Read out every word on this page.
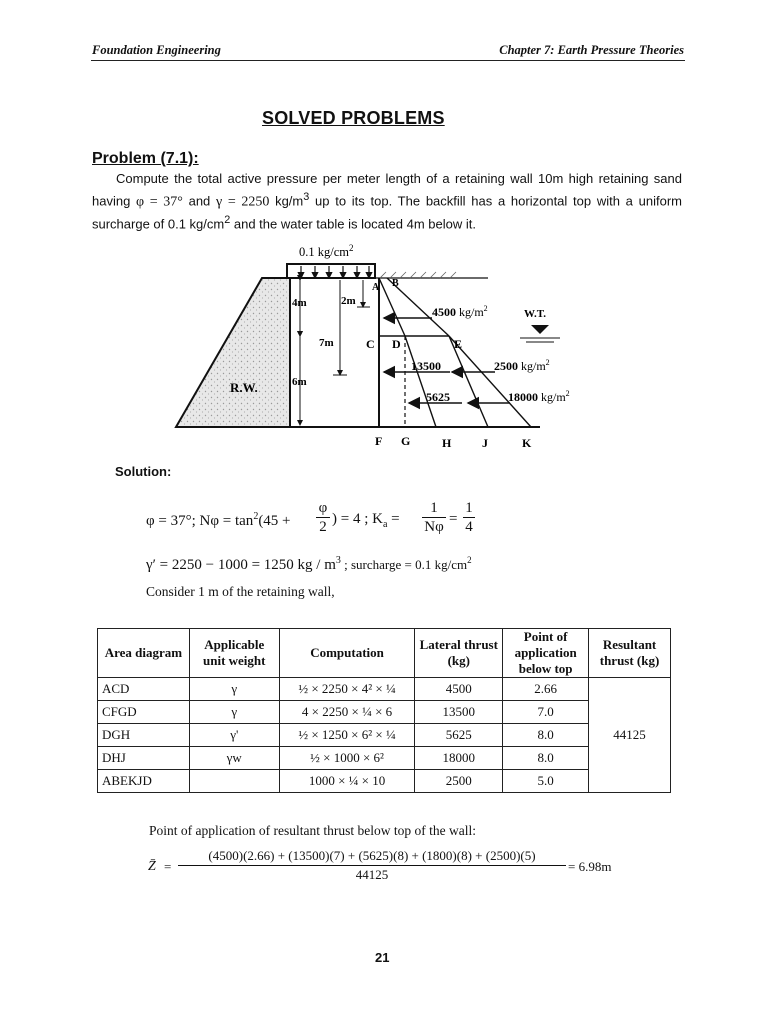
Foundation Engineering	Chapter 7: Earth Pressure Theories
SOLVED PROBLEMS
Problem (7.1):
Compute the total active pressure per meter length of a retaining wall 10m high retaining sand having φ = 37° and γ = 2250 $kg/m^3$ up to its top. The backfill has a horizontal top with a uniform surcharge of 0.1 $kg/cm^2$ and the water table is located 4m below it.
0.1 $kg/cm^2$
R.W.
W.T.
4m	2m
7m
6m
A B
C D	E
F G	H	J	K
4500 $kg/m^2$
13500	2500 $kg/m^2$
5625	18000 $kg/m^2$
Solution:
φ = 37°; $N\varphi = \tan^2(45$ +
φ
2 ) = 4 ; $K_a$ =
1
Nφ =
1
4
γ′ = 2250 − 1000 = 1250 kg / $m^3$ ; surcharge = 0.1 $kg/cm^2$
Consider 1 m of the retaining wall,
Area diagram	Applicable unit weight	Computation	Lateral thrust (kg)	Point of application below top	Resultant thrust (kg)
ACD	γ	½ × 2250 × 4² × ¼	4500	2.66	44125
CFGD	γ	4 × 2250 × ¼ × 6	13500	7.0	
DGH	γ'	½ × 1250 × 6² × ¼	5625	8.0	
DHJ	γw	½ × 1000 × 6²	18000	8.0	
ABEKJD		1000 × ¼ × 10	2500	5.0	
Point of application of resultant thrust below top of the wall:
Z̄ =
(4500)(2.66) + (13500)(7) + (5625)(8) + (1800)(8) + (2500)(5)
44125
= 6.98m
21
